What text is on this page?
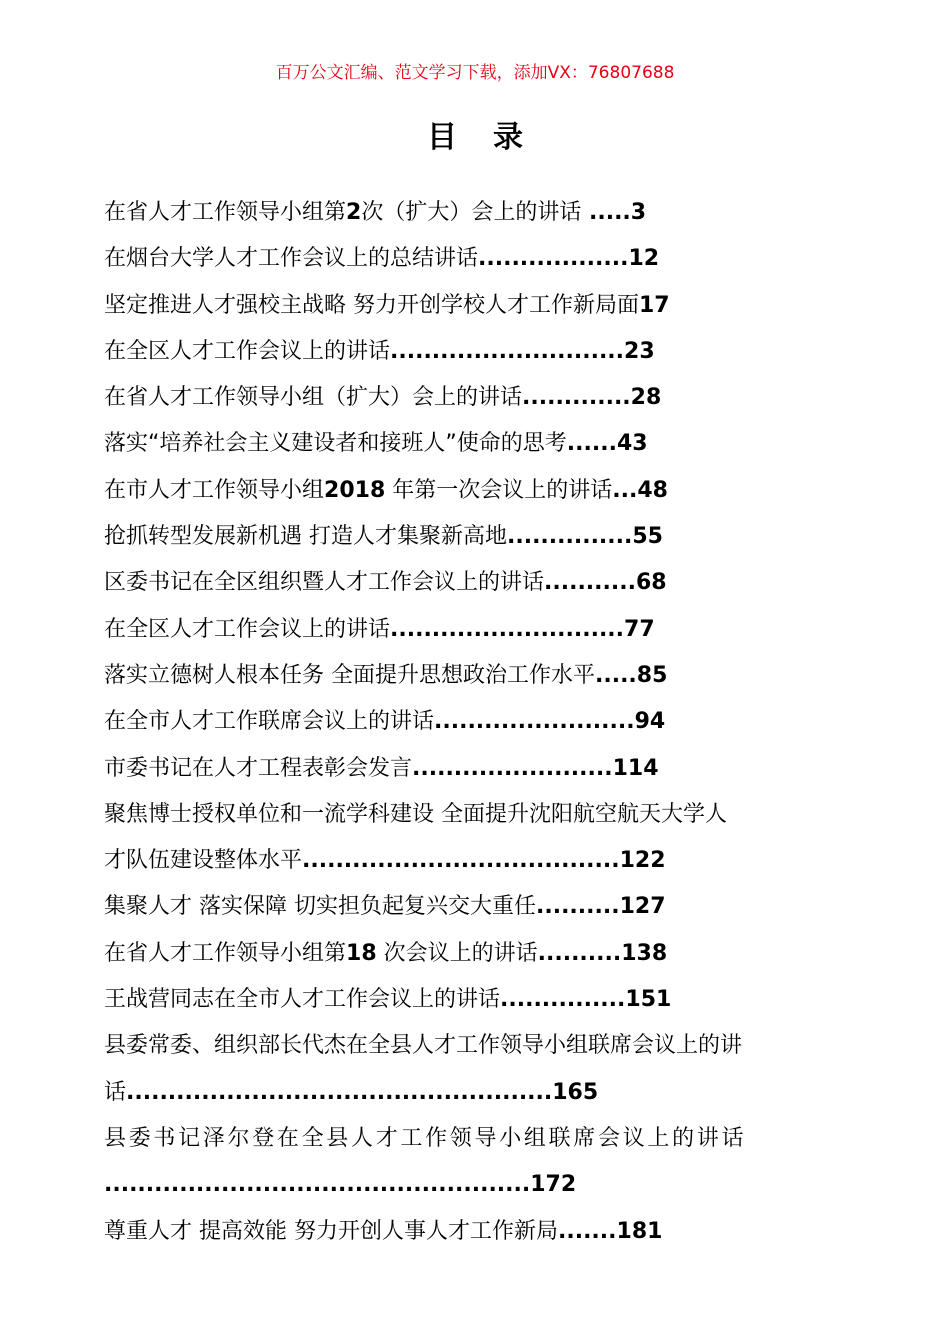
百万公文汇编、范文学习下载，添加VX：76807688
目录
在省人才工作领导小组第2次（扩大）会上的讲话 .....3
在烟台大学人才工作会议上的总结讲话..................12
坚定推进人才强校主战略 努力开创学校人才工作新局面17
在全区人才工作会议上的讲话............................23
在省人才工作领导小组（扩大）会上的讲话.............28
落实“培养社会主义建设者和接班人”使命的思考......43
在市人才工作领导小组2018 年第一次会议上的讲话...48
抢抓转型发展新机遇 打造人才集聚新高地...............55
区委书记在全区组织暨人才工作会议上的讲话...........68
在全区人才工作会议上的讲话............................77
落实立德树人根本任务 全面提升思想政治工作水平.....85
在全市人才工作联席会议上的讲话........................94
市委书记在人才工程表彰会发言........................114
聚焦博士授权单位和一流学科建设 全面提升沈阳航空航天大学人
才队伍建设整体水平......................................122
集聚人才 落实保障 切实担负起复兴交大重任..........127
在省人才工作领导小组第18 次会议上的讲话..........138
王战营同志在全市人才工作会议上的讲话...............151
县委常委、组织部长代杰在全县人才工作领导小组联席会议上的讲
话...................................................165
县委书记泽尔登在全县人才工作领导小组联席会议上的讲话
...................................................172
尊重人才 提高效能 努力开创人事人才工作新局.......181
